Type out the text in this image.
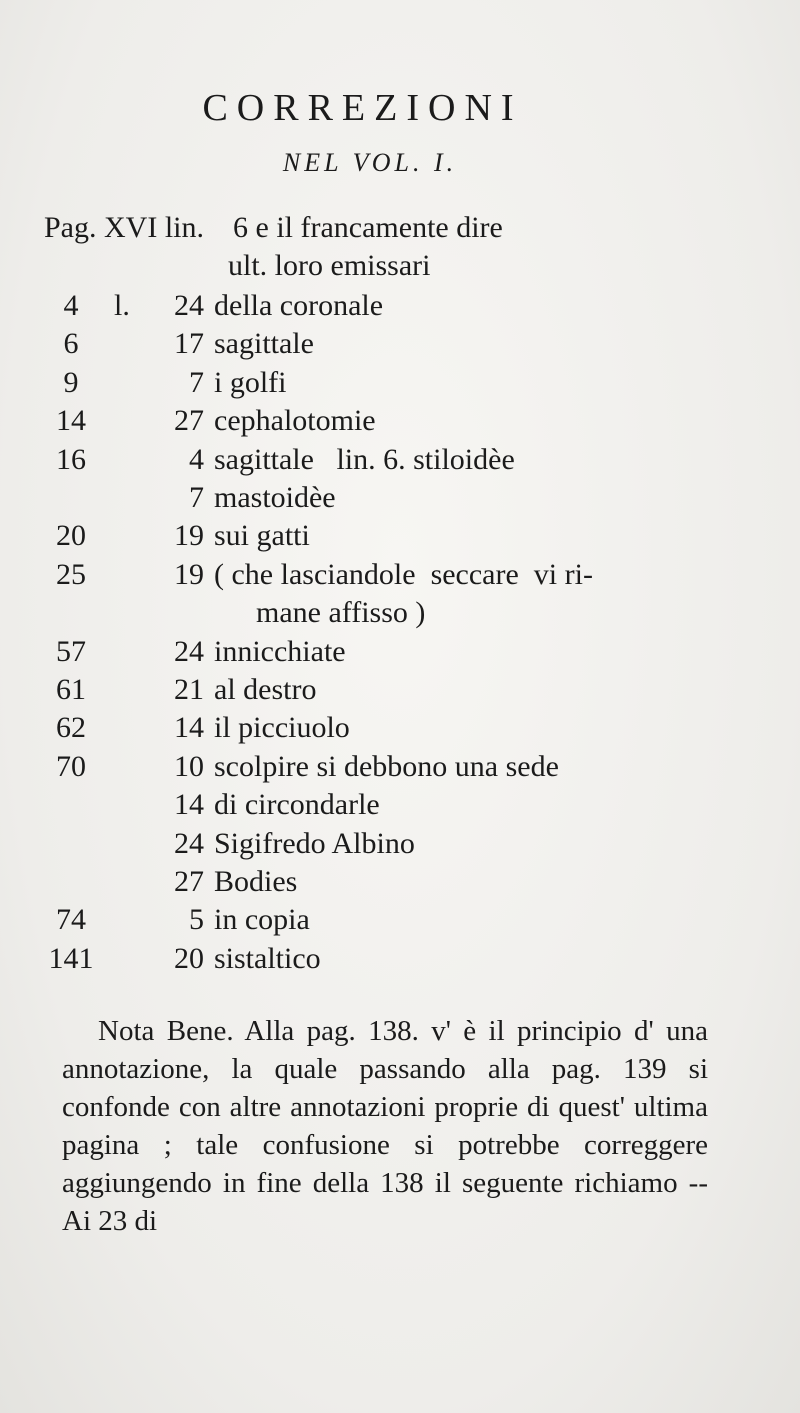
CORREZIONI
NEL VOL. I.
Pag. XVI lin. 6 e il francamente dire
ult. loro emissari
4	l.	24 della coronale
6	17 sagittale
9	7 i golfi
14	27 cephalotomie
16	4 sagittale   lin. 6. stiloidèe
7 mastoidèe
20	19 sui gatti
25	19 ( che lasciandole  seccare  vi ri-
mane affisso )
57	24 innicchiate
61	21 al destro
62	14 il picciuolo
70	10 scolpire si debbono una sede
14 di circondarle
24 Sigifredo Albino
27 Bodies
74	5 in copia
141	20 sistaltico

Nota Bene. Alla pag. 138. v' è il principio d' una annotazione, la quale passando alla pag. 139 si confonde con altre annotazioni proprie di quest' ultima pagina ; tale confusione si potrebbe correggere aggiungendo in fine della 138 il seguente richiamo -- Ai 23 di
